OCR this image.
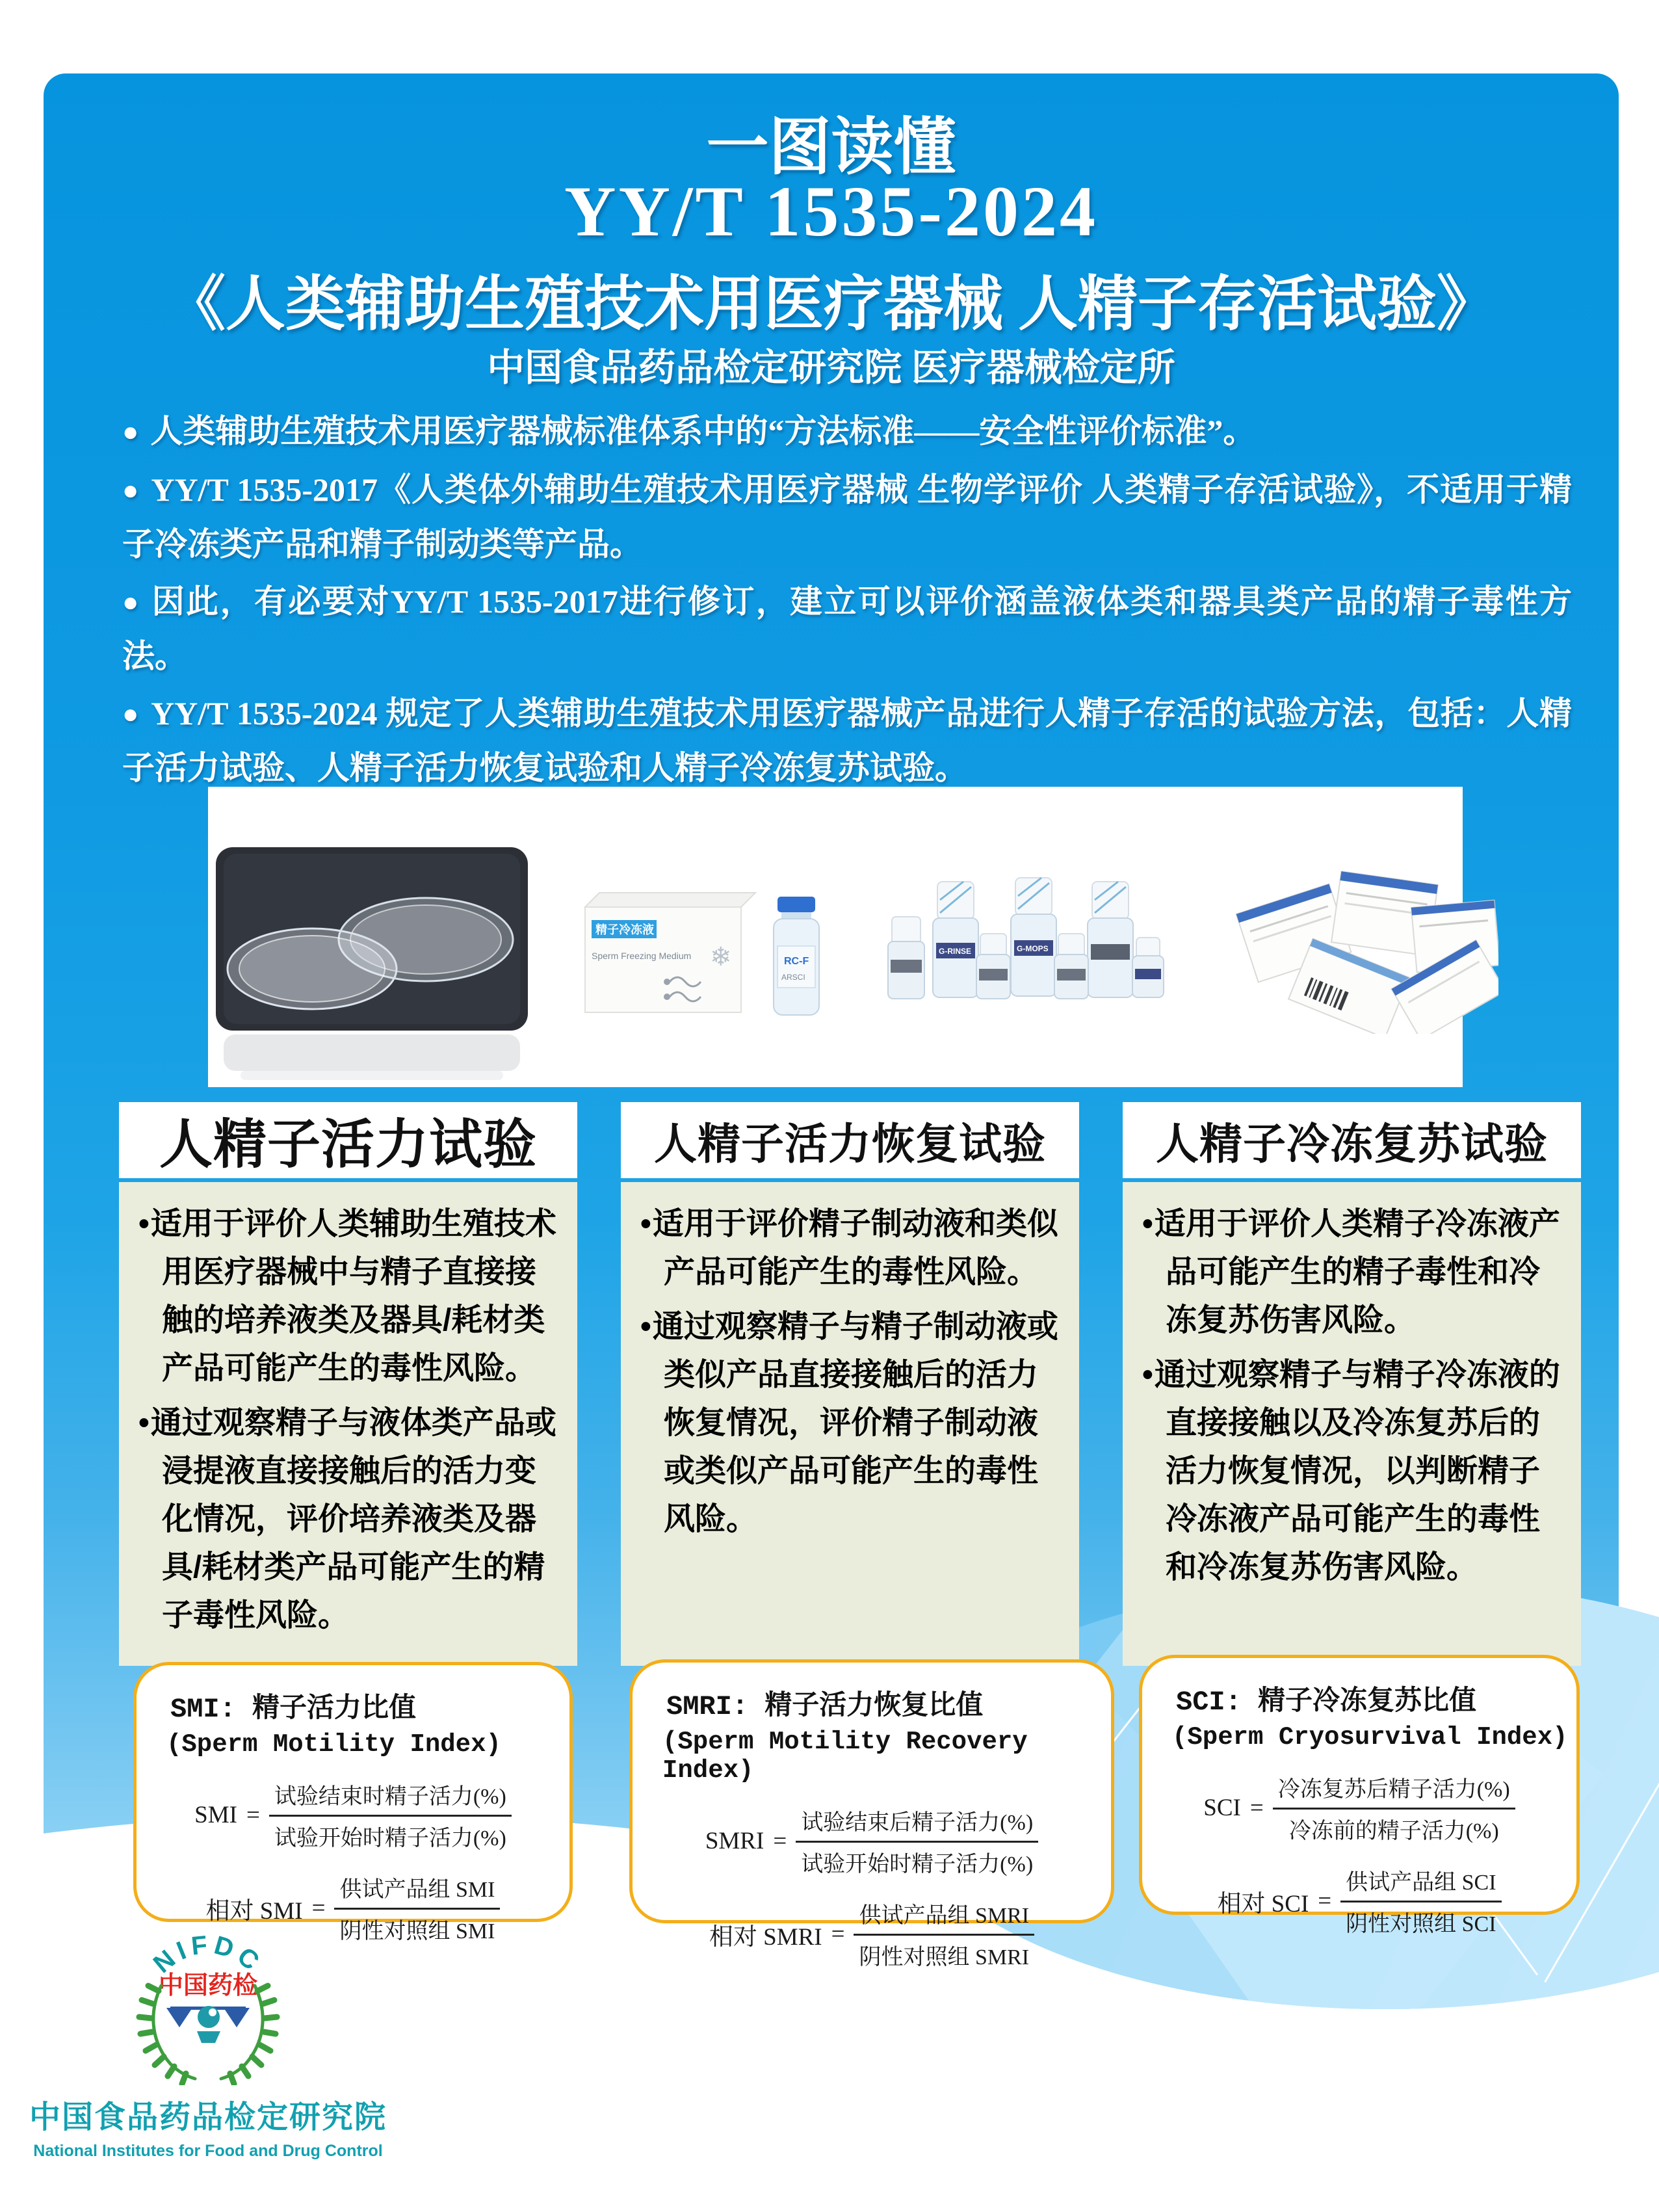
一图读懂
YY/T 1535-2024
《人类辅助生殖技术用医疗器械 人精子存活试验》
中国食品药品检定研究院 医疗器械检定所

● 人类辅助生殖技术用医疗器械标准体系中的“方法标准——安全性评价标准”。

● YY/T 1535-2017《人类体外辅助生殖技术用医疗器械 生物学评价 人类精子存活试验》，不适用于精子冷冻类产品和精子制动类等产品。

● 因此，有必要对YY/T 1535-2017进行修订，建立可以评价涵盖液体类和器具类产品的精子毒性方法。

● YY/T 1535-2024 规定了人类辅助生殖技术用医疗器械产品进行人精子存活的试验方法，包括：人精子活力试验、人精子活力恢复试验和人精子冷冻复苏试验。

精子冷冻液
Sperm Freezing Medium ❄	RC-F
ARSCI
G-RINSE	G-MOPS
人精子活力试验

•适用于评价人类辅助生殖技术用医疗器械中与精子直接接触的培养液类及器具/耗材类产品可能产生的毒性风险。

•通过观察精子与液体类产品或浸提液直接接触后的活力变化情况，评价培养液类及器具/耗材类产品可能产生的精子毒性风险。

人精子活力恢复试验

•适用于评价精子制动液和类似产品可能产生的毒性风险。

•通过观察精子与精子制动液或类似产品直接接触后的活力恢复情况，评价精子制动液或类似产品可能产生的毒性风险。

人精子冷冻复苏试验

•适用于评价人类精子冷冻液产品可能产生的精子毒性和冷冻复苏伤害风险。

•通过观察精子与精子冷冻液的直接接触以及冷冻复苏后的活力恢复情况，以判断精子冷冻液产品可能产生的毒性和冷冻复苏伤害风险。

SMI: 精子活力比值
(Sperm Motility Index)
SMI = $\frac{\text{试验结束时精子活力(\%)}}{\text{试验开始时精子活力(\%)}}$
相对 SMI = $\frac{\text{供试产品组 SMI}}{\text{阴性对照组 SMI}}$
SMRI: 精子活力恢复比值
(Sperm Motility Recovery Index)
SMRI = $\frac{\text{试验结束后精子活力(\%)}}{\text{试验开始时精子活力(\%)}}$
相对 SMRI = $\frac{\text{供试产品组 SMRI}}{\text{阴性对照组 SMRI}}$
SCI: 精子冷冻复苏比值
(Sperm Cryosurvival Index)
SCI = $\frac{\text{冷冻复苏后精子活力(\%)}}{\text{冷冻前的精子活力(\%)}}$
相对 SCI = $\frac{\text{供试产品组 SCI}}{\text{阴性对照组 SCI}}$
NIFDC
中国药检
中国食品药品检定研究院
National Institutes for Food and Drug Control
